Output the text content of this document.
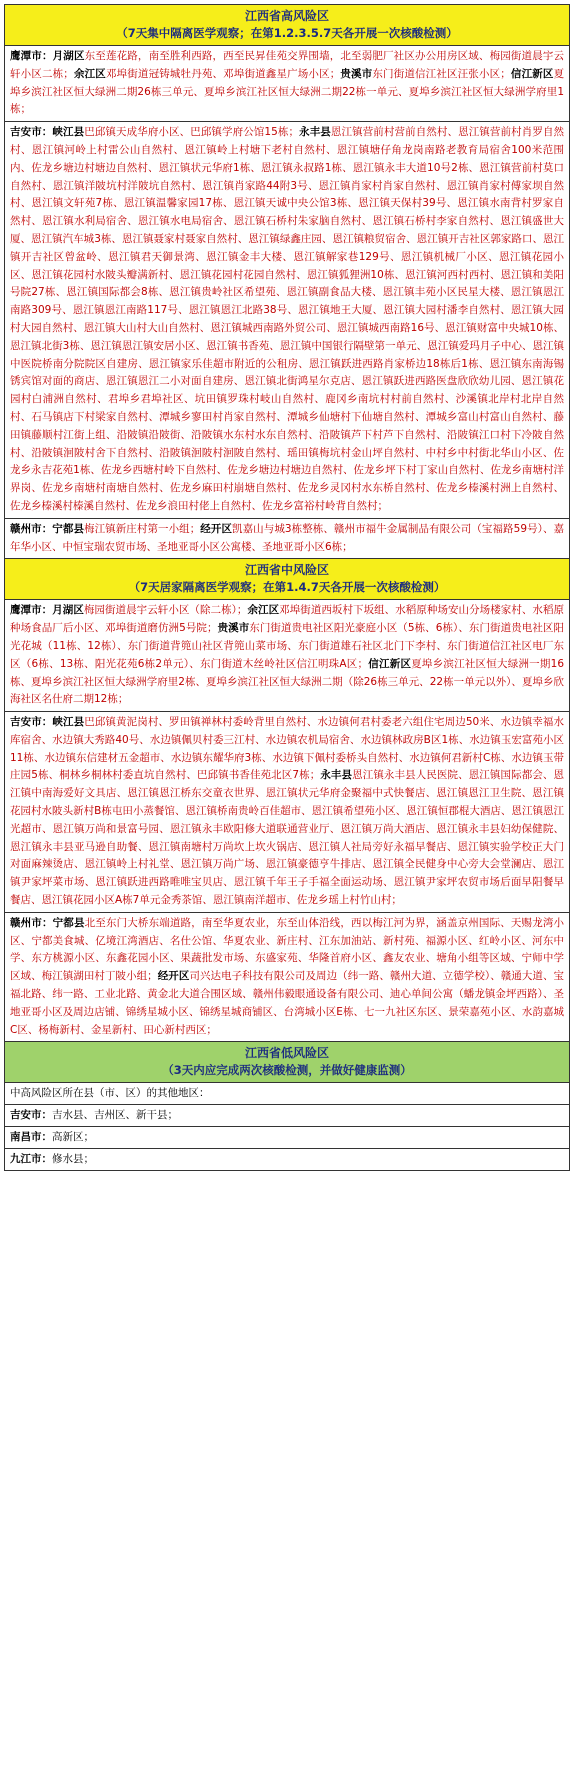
江西省高风险区
（7天集中隔离医学观察；在第1.2.3.5.7天各开展一次核酸检测）
鹰潭市：月湖区东至莲花路，南至胜利西路，西至民昇佳苑交界围墙，北至弱肥厂社区办公用房区域、梅园街道晨宇云轩小区二栋；余江区邓埠街道冠铸城牡丹苑、邓埠街道鑫星广场小区；贵溪市东门街道信江社区汪张小区；信江新区夏埠乡滨江社区恒大绿洲二期26栋三单元、夏埠乡滨江社区恒大绿洲二期22栋一单元、夏埠乡滨江社区恒大绿洲学府里1栋；
吉安市：峡江县巴邱镇天成华府小区、巴邱镇学府公馆15栋；永丰县恩江镇营前村营前自然村、恩江镇营前村肖罗自然村、恩江镇河岭上村雷公山自然村、恩江镇岭上村塘下老村自然村、恩江镇塘仔角龙岗南路老教育局宿舍100米范围内、佐龙乡塘边村塘边自然村、恩江镇状元华府1栋、恩江镇永叔路1栋、恩江镇永丰大道10号2栋、恩江镇营前村莫口自然村、恩江镇洋陂坑村洋陂坑自然村、恩江镇肖家路44附3号、恩江镇肖家村肖家自然村、恩江镇肖家村傅家坝自然村、恩江镇文轩苑7栋、恩江镇温馨家园17栋、恩江镇天诚中央公馆3栋、恩江镇天保村39号、恩江镇水南背村罗家自然村、恩江镇水利局宿舍、恩江镇水电局宿舍、恩江镇石桥村朱家脑自然村、恩江镇石桥村李家自然村、恩江镇盛世大厦、恩江镇汽车城3栋、恩江镇聂家村聂家自然村、恩江镇绿鑫庄园、恩江镇粮贸宿舍、恩江镇开吉社区郭家路口、恩江镇开吉社区曾盆岭、恩江镇君天御景湾、恩江镇金丰大楼、恩江镇解家巷129号、恩江镇机械厂小区、恩江镇花园小区、恩江镇花园村水陂头瓣满新村、恩江镇花园村花园自然村、恩江镇狐狸洲10栋、恩江镇河西村西村、恩江镇和美阳号院27栋、恩江镇国际都会8栋、恩江镇贵岭社区希望苑、恩江镇副食品大楼、恩江镇丰苑小区民星大楼、恩江镇恩江南路309号、恩江镇恩江南路117号、恩江镇恩江北路38号、恩江镇地王大厦、恩江镇大园村潘李自然村、恩江镇大园村大园自然村、恩江镇大山村大山自然村、恩江镇城西南路外贸公司、恩江镇城西南路16号、恩江镇财富中央城10栋、恩江镇北街3栋、恩江镇恩江镇安居小区、恩江镇书香苑、恩江镇中国银行隔壁第一单元、恩江镇爱玛月子中心、恩江镇中医院桥南分院院区自建房、恩江镇家乐佳超市附近的公租房、恩江镇跃进西路肖家桥边18栋后1栋、恩江镇东南海锡锈宾馆对面的商店、恩江镇恩江二小对面自建房、恩江镇北街鸿星尔克店、恩江镇跃进西路医盘欣欣幼儿园、恩江镇花园村白浦洲自然村、君埠乡君埠社区、坑田镇罗珠村岐山自然村、鹿冈乡南坑村村前自然村、沙溪镇北岸村北岸自然村、石马镇店下村梁家自然村、潭城乡寥田村肖家自然村、潭城乡仙塘村下仙塘自然村、潭城乡富山村富山自然村、藤田镇藤顺村江街上组、沿陂镇沿陂街、沿陂镇水东村水东自然村、沿陂镇芦下村芦下自然村、沿陂镇江口村下冷陂自然村、沿陂镇洄陂村舍下自然村、沿陂镇洄陂村洄陂自然村、瑶田镇梅坑村金山坪自然村、中村乡中村街北华山小区、佐龙乡永吉花苑1栋、佐龙乡西塘村岭下自然村、佐龙乡塘边村塘边自然村、佐龙乡坪下村丁家山自然村、佐龙乡南塘村洋界岗、佐龙乡南塘村南塘自然村、佐龙乡麻田村崩塘自然村、佐龙乡灵冈村水东桥自然村、佐龙乡榛溪村洲上自然村、佐龙乡榛溪村榛溪自然村、佐龙乡浪田村佬上自然村、佐龙乡富裕村岭背自然村；
赣州市：宁都县梅江镇新庄村第一小组；经开区凯嘉山与城3栋整栋、赣州市福牛金属制品有限公司（宝福路59号）、嘉年华小区、中恒宝瑞农贸市场、圣地亚哥小区公寓楼、圣地亚哥小区6栋；
江西省中风险区
（7天居家隔离医学观察；在第1.4.7天各开展一次核酸检测）
鹰潭市：月湖区梅园街道晨宇云轩小区（除二栋）；余江区邓埠街道西坂村下坂组、水稻原种场安山分场楼家村、水稻原种场食品厂后小区、邓埠街道磨仿洲5号院；贵溪市东门街道贵电社区阳光豪庭小区（5栋、6栋）、东门街道贵电社区阳光花城（11栋、12栋）、东门街道背篼山社区背篼山菜市场、东门街道雄石社区北门下李村、东门街道信江社区电厂东区（6栋、13栋、阳光花苑6栋2单元）、东门街道木丝岭社区信江明珠A区；信江新区夏埠乡滨江社区恒大绿洲一期16栋、夏埠乡滨江社区恒大绿洲学府里2栋、夏埠乡滨江社区恒大绿洲二期（除26栋三单元、22栋一单元以外）、夏埠乡欣海社区名仕府二期12栋；
吉安市：峡江县巴邱镇黄泥岗村、罗田镇禅林村委岭背里自然村、水边镇何君村委老六组住宅周边50米、水边镇幸福水库宿舍、水边镇大秀路40号、水边镇佩贝村委三江村、水边镇农机局宿舍、水边镇林政房B区1栋、水边镇玉宏富苑小区11栋、水边镇东信建材五金超市、水边镇东耀华府3栋、水边镇下佩村委桥头自然村、水边镇何君新村C栋、水边镇玉带庄园5栋、桐林乡桐林村委直坑自然村、巴邱镇书香佳苑北区7栋；永丰县恩江镇永丰县人民医院、恩江镇国际都会、恩江镇中南海爱好文具店、恩江镇恩江桥东交童衣世界、恩江镇状元华府金聚福中式快餐店、恩江镇恩江卫生院、恩江镇花园村水陂头新村B栋屯田小蒸餐馆、恩江镇桥南贵岭百佳超市、恩江镇希望苑小区、恩江镇恒郡棍大酒店、恩江镇恩江光超市、恩江镇万尚和景富号园、恩江镇永丰欧阳修大道联通营业厅、恩江镇万尚大酒店、恩江镇永丰县妇幼保健院、恩江镇永丰县亚马逊自助餐、恩江镇南塘村万尚坎上坎火锅店、恩江镇人社局旁好永福早餐店、恩江镇实验学校正大门对面麻辣烫店、恩江镇岭上村礼堂、恩江镇万尚广场、恩江镇豪德亨牛排店、恩江镇全民健身中心旁大会堂澜店、恩江镇尹家坪菜市场、恩江镇跃进西路唯唯宝贝店、恩江镇千年王子手福全面运动场、恩江镇尹家坪农贸市场后面早阳餐早餐店、恩江镇花园小区A栋7单元金秀茶馆、恩江镇南洋超市、佐龙乡瑶上村竹山村；
赣州市：宁都县北至东门大桥东端道路，南至华夏农业，东至山体沿线，西以梅江河为界，涵盖京州国际、天赐龙湾小区、宁都美食城、亿境江湾酒店、名仕公馆、华夏农业、新庄村、江东加油站、新村苑、福源小区、红岭小区、河东中学、东方桃源小区、东鑫花园小区、果蔬批发市场、东盛家苑、华隆首府小区、鑫友农业、塘角小组等区域、宁师中学区域、梅江镇湖田村丁陂小组；经开区司兴达电子科技有限公司及周边（纬一路、赣州大道、立德学校）、赣通大道、宝福北路、纬一路、工业北路、黄金北大道合围区域、赣州伟毅眼通设备有限公司、迪心单间公寓（蟠龙镇金坪西路）、圣地亚哥小区及周边店铺、锦绣星城小区、锦绣星城商铺区、台湾城小区E栋、七一九社区东区、景荣嘉苑小区、水韵嘉城C区、杨梅新村、金星新村、田心新村西区；
江西省低风险区
（3天内应完成两次核酸检测，并做好健康监测）
中高风险区所在县（市、区）的其他地区：
吉安市：吉水县、吉州区、新干县；
南昌市：高新区；
九江市：修水县；
